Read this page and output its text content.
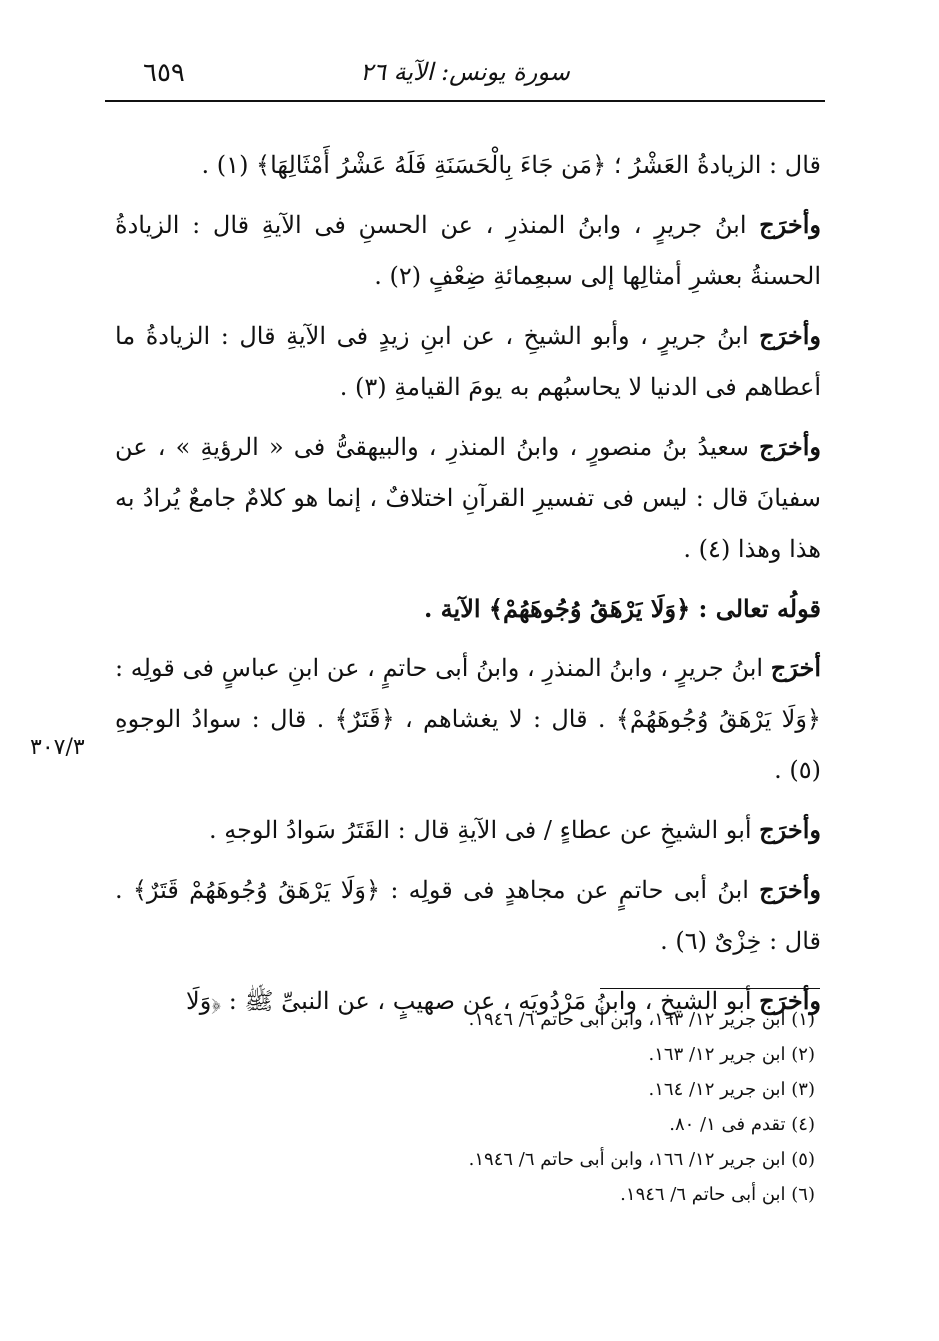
سورة يونس: الآية ٢٦
٦٥٩

قال : الزيادةُ العَشْرُ ؛ ﴿مَن جَاءَ بِالْحَسَنَةِ فَلَهُ عَشْرُ أَمْثَالِهَا﴾ (١) .

وأخرَج ابنُ جريرٍ ، وابنُ المنذرِ ، عن الحسنِ فى الآيةِ قال : الزيادةُ الحسنةُ بعشرِ أمثالِها إلى سبعِمائةِ ضِعْفٍ (٢) .

وأخرَج ابنُ جريرٍ ، وأبو الشيخِ ، عن ابنِ زيدٍ فى الآيةِ قال : الزيادةُ ما أعطاهم فى الدنيا لا يحاسبُهم به يومَ القيامةِ (٣) .

وأخرَج سعيدُ بنُ منصورٍ ، وابنُ المنذرِ ، والبيهقىُّ فى « الرؤيةِ » ، عن سفيانَ قال : ليس فى تفسيرِ القرآنِ اختلافٌ ، إنما هو كلامٌ جامعٌ يُرادُ به هذا وهذا (٤) .

قولُه تعالى : ﴿وَلَا يَرْهَقُ وُجُوهَهُمْ﴾ الآية .

أخرَج ابنُ جريرٍ ، وابنُ المنذرِ ، وابنُ أبى حاتمٍ ، عن ابنِ عباسٍ فى قولِه : ﴿وَلَا يَرْهَقُ وُجُوهَهُمْ﴾ . قال : لا يغشاهم ، ﴿قَتَرٌ﴾ . قال : سوادُ الوجوهِ (٥) .

وأخرَج أبو الشيخِ عن عطاءٍ / فى الآيةِ قال : القَتَرُ سَوادُ الوجهِ .

وأخرَج ابنُ أبى حاتمٍ عن مجاهدٍ فى قولِه : ﴿وَلَا يَرْهَقُ وُجُوهَهُمْ قَتَرٌ﴾ . قال : خِزْىٌ (٦) .

وأخرَج أبو الشيخِ ، وابنُ مَرْدُويَه ، عن صهيبٍ ، عن النبىِّ ﷺ : ﴿وَلَا

٣٠٧/٣
(١) ابن جرير ١٢/ ١٦٣، وابن أبى حاتم ٦/ ١٩٤٦.
(٢) ابن جرير ١٢/ ١٦٣.
(٣) ابن جرير ١٢/ ١٦٤.
(٤) تقدم فى ١/ ٨٠.
(٥) ابن جرير ١٢/ ١٦٦، وابن أبى حاتم ٦/ ١٩٤٦.
(٦) ابن أبى حاتم ٦/ ١٩٤٦.
